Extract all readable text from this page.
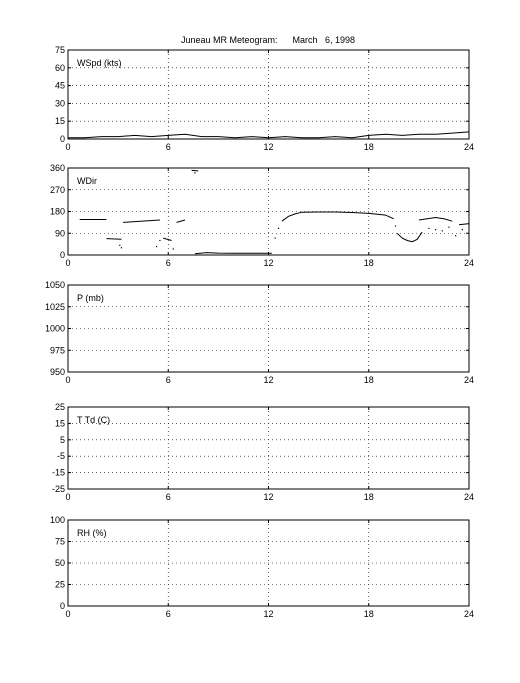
Juneau MR Meteogram:      March   6, 1998
0	6	12	18	24
0
15
30
45
60
75
WSpd (kts)
0	6	12	18	24
0
90
180
270
360
WDir
0	6	12	18	24
950
975
1000
1025
1050
P (mb)
0	6	12	18	24
-25
-15
-5
5
15
25
T Td (C)
0	6	12	18	24
0
25
50
75
100
RH (%)
